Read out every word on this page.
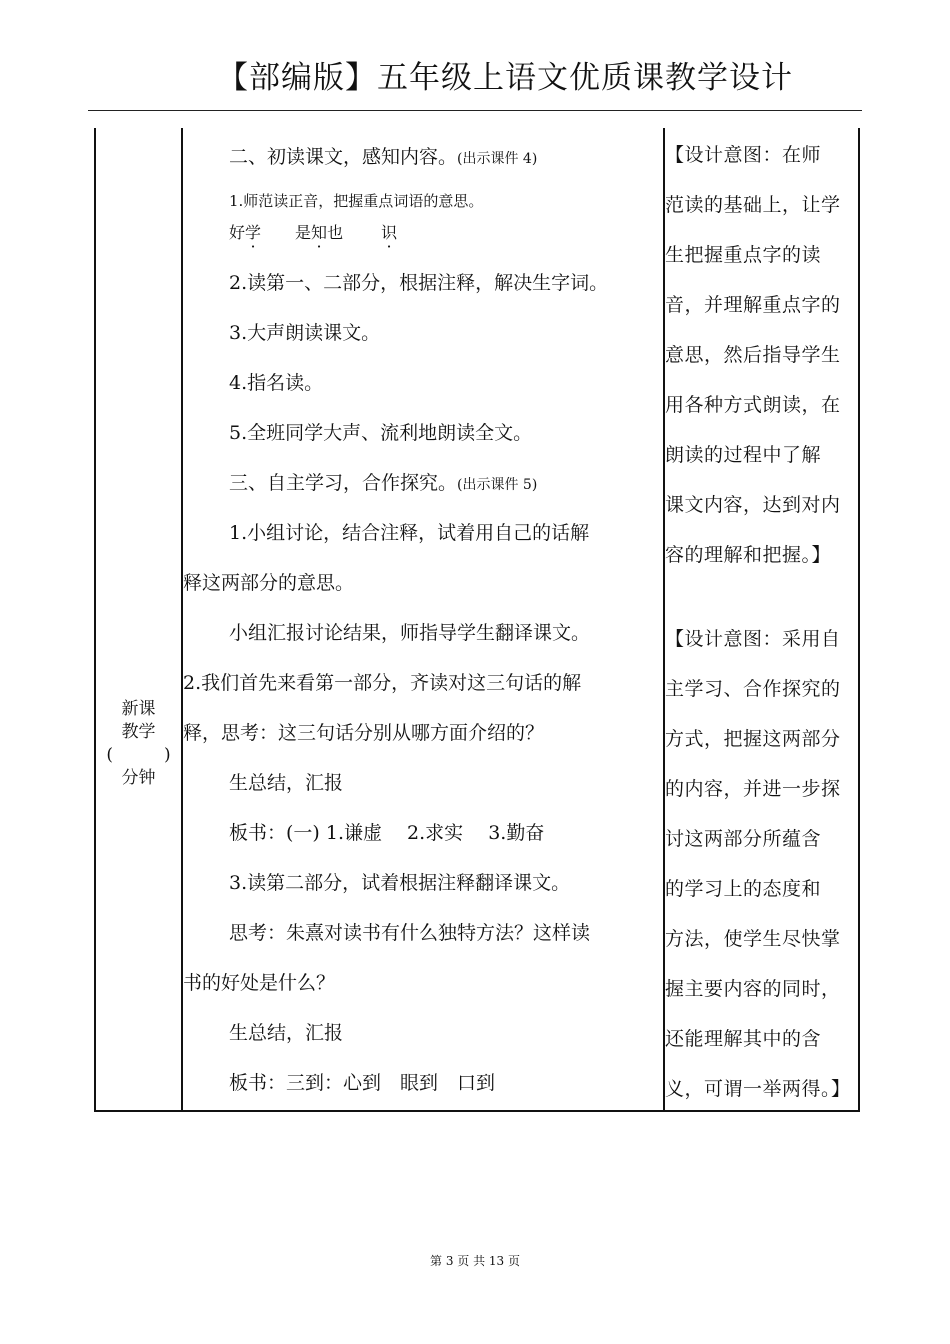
【部编版】五年级上语文优质课教学设计
新课
教学
(　　　)
分钟
二、初读课文，感知内容。(出示课件 4)
1.师范读正音，把握重点词语的意思。
好学 是知也 识
2.读第一、二部分，根据注释，解决生字词。
3.大声朗读课文。
4.指名读。
5.全班同学大声、流利地朗读全文。
三、自主学习，合作探究。(出示课件 5)
1.小组讨论，结合注释，试着用自己的话解
释这两部分的意思。
小组汇报讨论结果，师指导学生翻译课文。
2.我们首先来看第一部分，齐读对这三句话的解
释，思考：这三句话分别从哪方面介绍的？
生总结，汇报
板书：(一) 1.谦虚　 2.求实　 3.勤奋
3.读第二部分，试着根据注释翻译课文。
思考：朱熹对读书有什么独特方法？这样读
书的好处是什么？
生总结，汇报
板书：三到：心到　眼到　口到
【设计意图：在师
范读的基础上，让学
生把握重点字的读
音，并理解重点字的
意思，然后指导学生
用各种方式朗读，在
朗读的过程中了解
课文内容，达到对内
容的理解和把握。】
【设计意图：采用自
主学习、合作探究的
方式，把握这两部分
的内容，并进一步探
讨这两部分所蕴含
的学习上的态度和
方法，使学生尽快掌
握主要内容的同时，
还能理解其中的含
义，可谓一举两得。】
第 3 页 共 13 页
